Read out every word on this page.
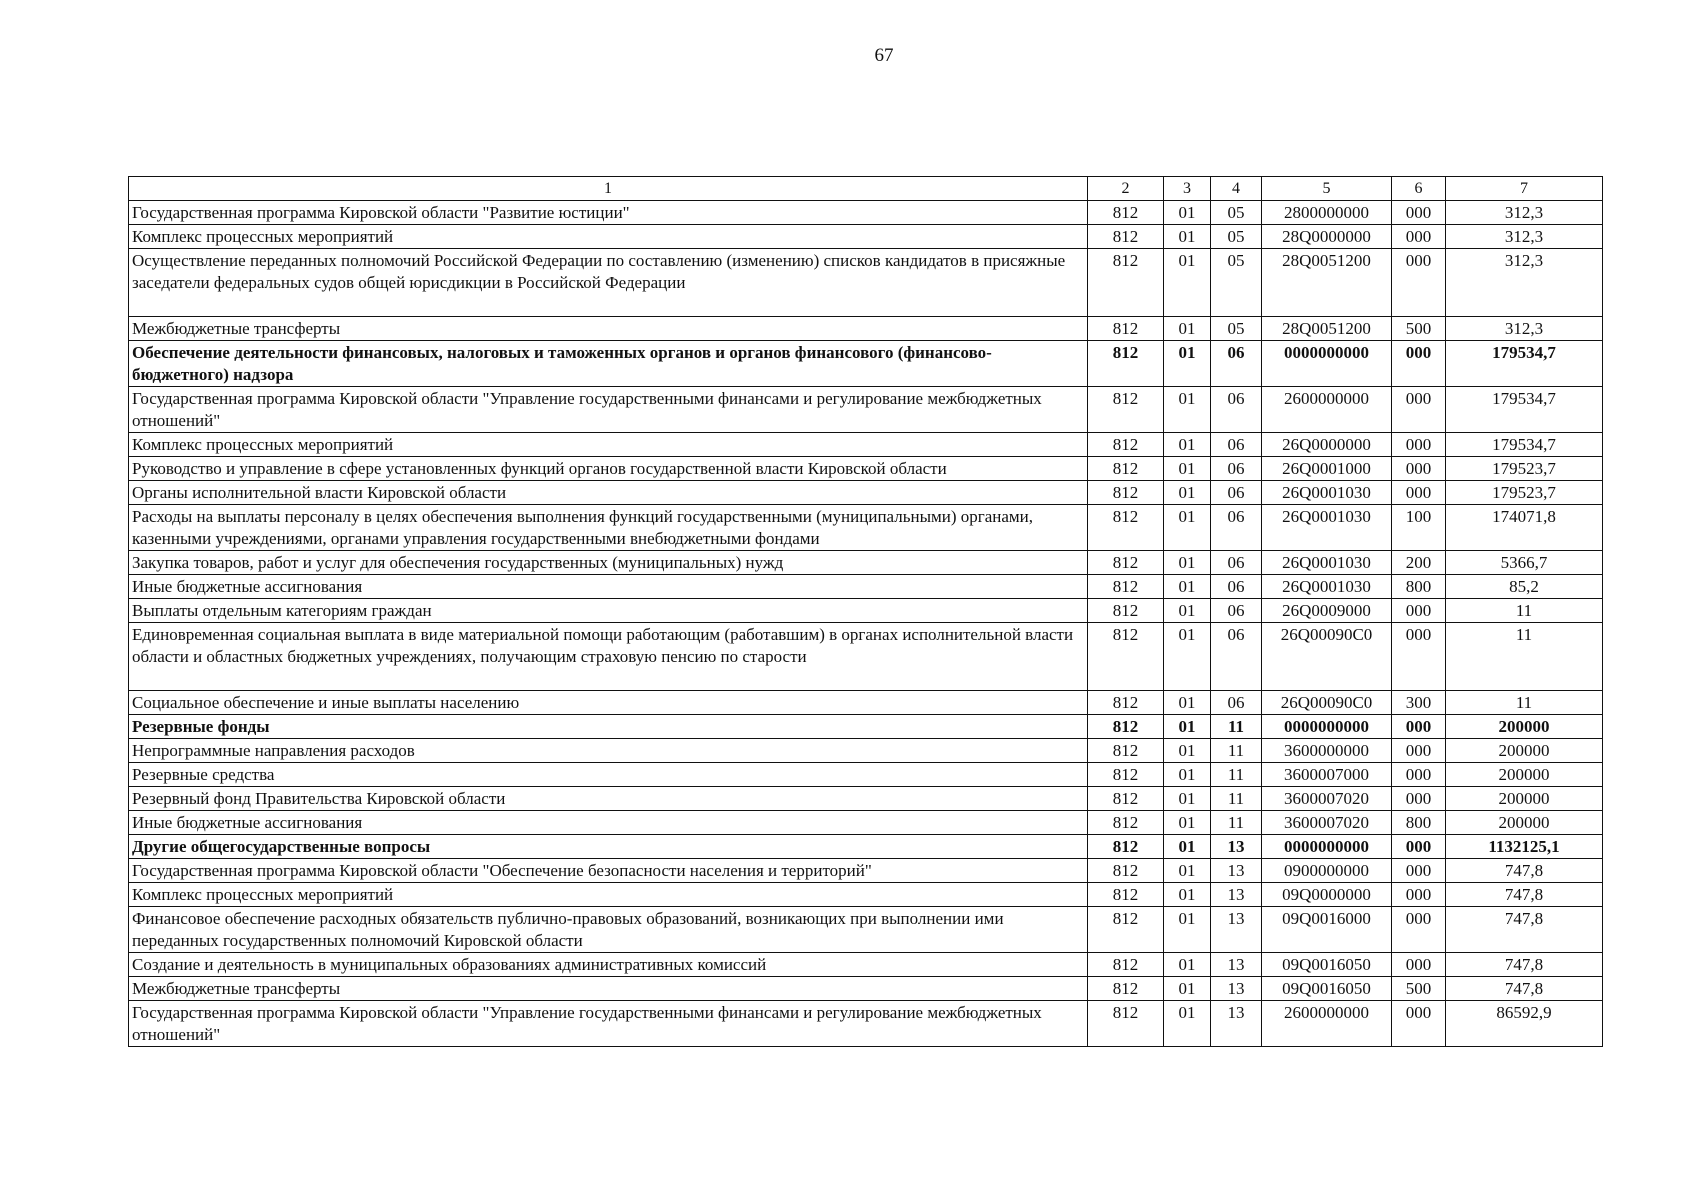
67
1	2	3	4	5	6	7
Государственная программа Кировской области "Развитие юстиции"	812	01	05	2800000000	000	312,3
Комплекс процессных мероприятий	812	01	05	28Q0000000	000	312,3
Осуществление переданных полномочий Российской Федерации по составлению (изменению) списков кандидатов в присяжные заседатели федеральных судов общей юрисдикции в Российской Федерации	812	01	05	28Q0051200	000	312,3
Межбюджетные трансферты	812	01	05	28Q0051200	500	312,3
Обеспечение деятельности финансовых, налоговых и таможенных органов и органов финансового (финансово-бюджетного) надзора	812	01	06	0000000000	000	179534,7
Государственная программа Кировской области "Управление государственными финансами и регулирование межбюджетных отношений"	812	01	06	2600000000	000	179534,7
Комплекс процессных мероприятий	812	01	06	26Q0000000	000	179534,7
Руководство и управление в сфере установленных функций органов государственной власти Кировской области	812	01	06	26Q0001000	000	179523,7
Органы исполнительной власти Кировской области	812	01	06	26Q0001030	000	179523,7
Расходы на выплаты персоналу в целях обеспечения выполнения функций государственными (муниципальными) органами, казенными учреждениями, органами управления государственными внебюджетными фондами	812	01	06	26Q0001030	100	174071,8
Закупка товаров, работ и услуг для обеспечения государственных (муниципальных) нужд	812	01	06	26Q0001030	200	5366,7
Иные бюджетные ассигнования	812	01	06	26Q0001030	800	85,2
Выплаты отдельным категориям граждан	812	01	06	26Q0009000	000	11
Единовременная социальная выплата в виде материальной помощи работающим (работавшим) в органах исполнительной власти области и областных бюджетных учреждениях, получающим страховую пенсию по старости	812	01	06	26Q00090C0	000	11
Социальное обеспечение и иные выплаты населению	812	01	06	26Q00090C0	300	11
Резервные фонды	812	01	11	0000000000	000	200000
Непрограммные направления расходов	812	01	11	3600000000	000	200000
Резервные средства	812	01	11	3600007000	000	200000
Резервный фонд Правительства Кировской области	812	01	11	3600007020	000	200000
Иные бюджетные ассигнования	812	01	11	3600007020	800	200000
Другие общегосударственные вопросы	812	01	13	0000000000	000	1132125,1
Государственная программа Кировской области "Обеспечение безопасности населения и территорий"	812	01	13	0900000000	000	747,8
Комплекс процессных мероприятий	812	01	13	09Q0000000	000	747,8
Финансовое обеспечение расходных обязательств публично-правовых образований, возникающих при выполнении ими переданных государственных полномочий Кировской области	812	01	13	09Q0016000	000	747,8
Создание и деятельность в муниципальных образованиях административных комиссий	812	01	13	09Q0016050	000	747,8
Межбюджетные трансферты	812	01	13	09Q0016050	500	747,8
Государственная программа Кировской области "Управление государственными финансами и регулирование межбюджетных отношений"	812	01	13	2600000000	000	86592,9
